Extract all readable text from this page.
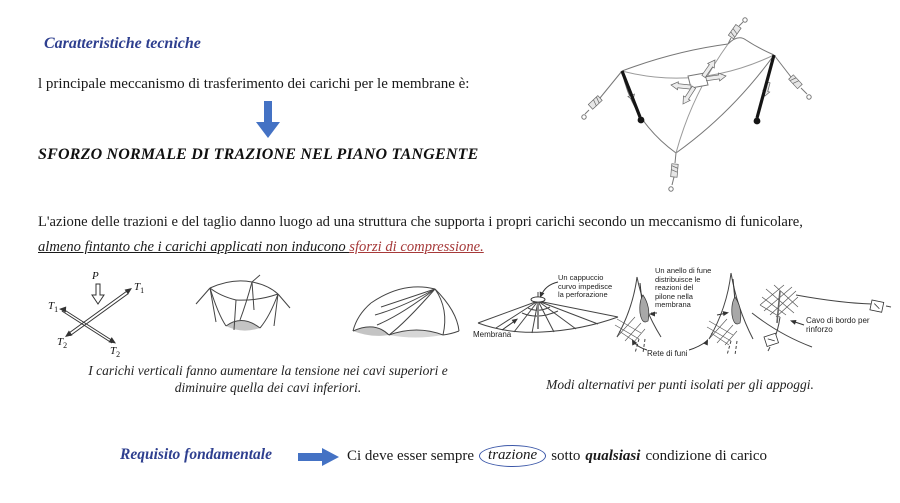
Caratteristiche tecniche
l principale meccanismo di trasferimento dei carichi per le membrane è:
SFORZO NORMALE DI TRAZIONE NEL PIANO TANGENTE
L'azione delle trazioni e del taglio danno luogo ad una struttura che supporta i propri carichi secondo un meccanismo di funicolare,
almeno fintanto che i carichi applicati non inducono sforzi di compressione.
P
$T_1$
$T_1$
$T_2$	$T_2$
Un cappuccio curvo impedisce la perforazione
Membrana
Un anello di fune distribuisce le reazioni del pilone nella membrana
Rete di funi
Cavo di bordo per rinforzo
I carichi verticali fanno aumentare la tensione nei cavi superiori e diminuire quella dei cavi inferiori.	Modi alternativi per punti isolati per gli appoggi.
Requisito fondamentale	Ci deve esser sempre trazione sotto qualsiasi condizione di carico
